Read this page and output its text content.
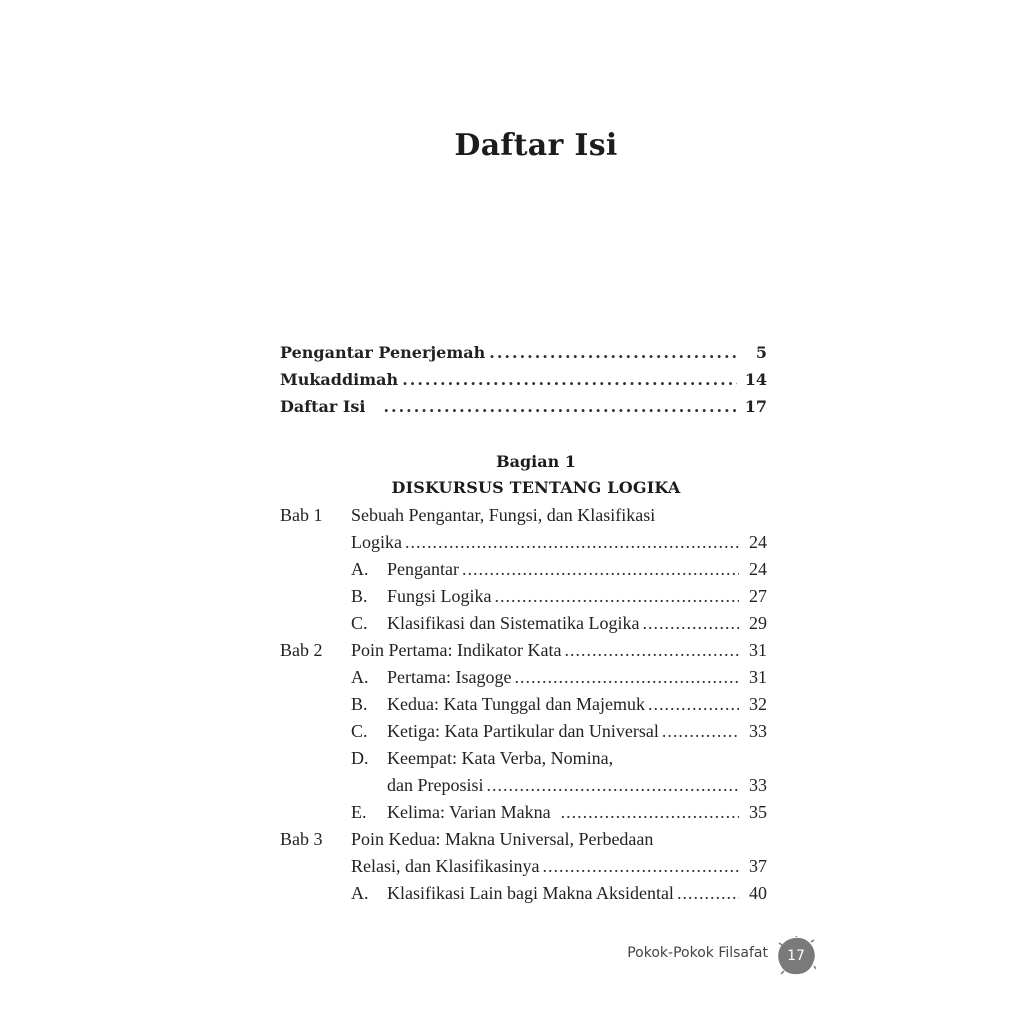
Daftar Isi
Pengantar Penerjemah .....	5
Mukaddimah .....	14
Daftar Isi .....	17
Bagian 1
DISKURSUS TENTANG LOGIKA
Bab 1 Sebuah Pengantar, Fungsi, dan Klasifikasi
Logika .....	24
A.	Pengantar .....	24
B.	Fungsi Logika .....	27
C.	Klasifikasi dan Sistematika Logika .....	29
Bab 2 Poin Pertama: Indikator Kata .....	31
A.	Pertama: Isagoge .....	31
B.	Kedua: Kata Tunggal dan Majemuk .....	32
C.	Ketiga: Kata Partikular dan Universal .....	33
D.	Keempat: Kata Verba, Nomina,
dan Preposisi .....	33
E.	Kelima: Varian Makna .....	35
Bab 3 Poin Kedua: Makna Universal, Perbedaan
Relasi, dan Klasifikasinya .....	37
A.	Klasifikasi Lain bagi Makna Aksidental .....	40
Pokok-Pokok Filsafat	17
